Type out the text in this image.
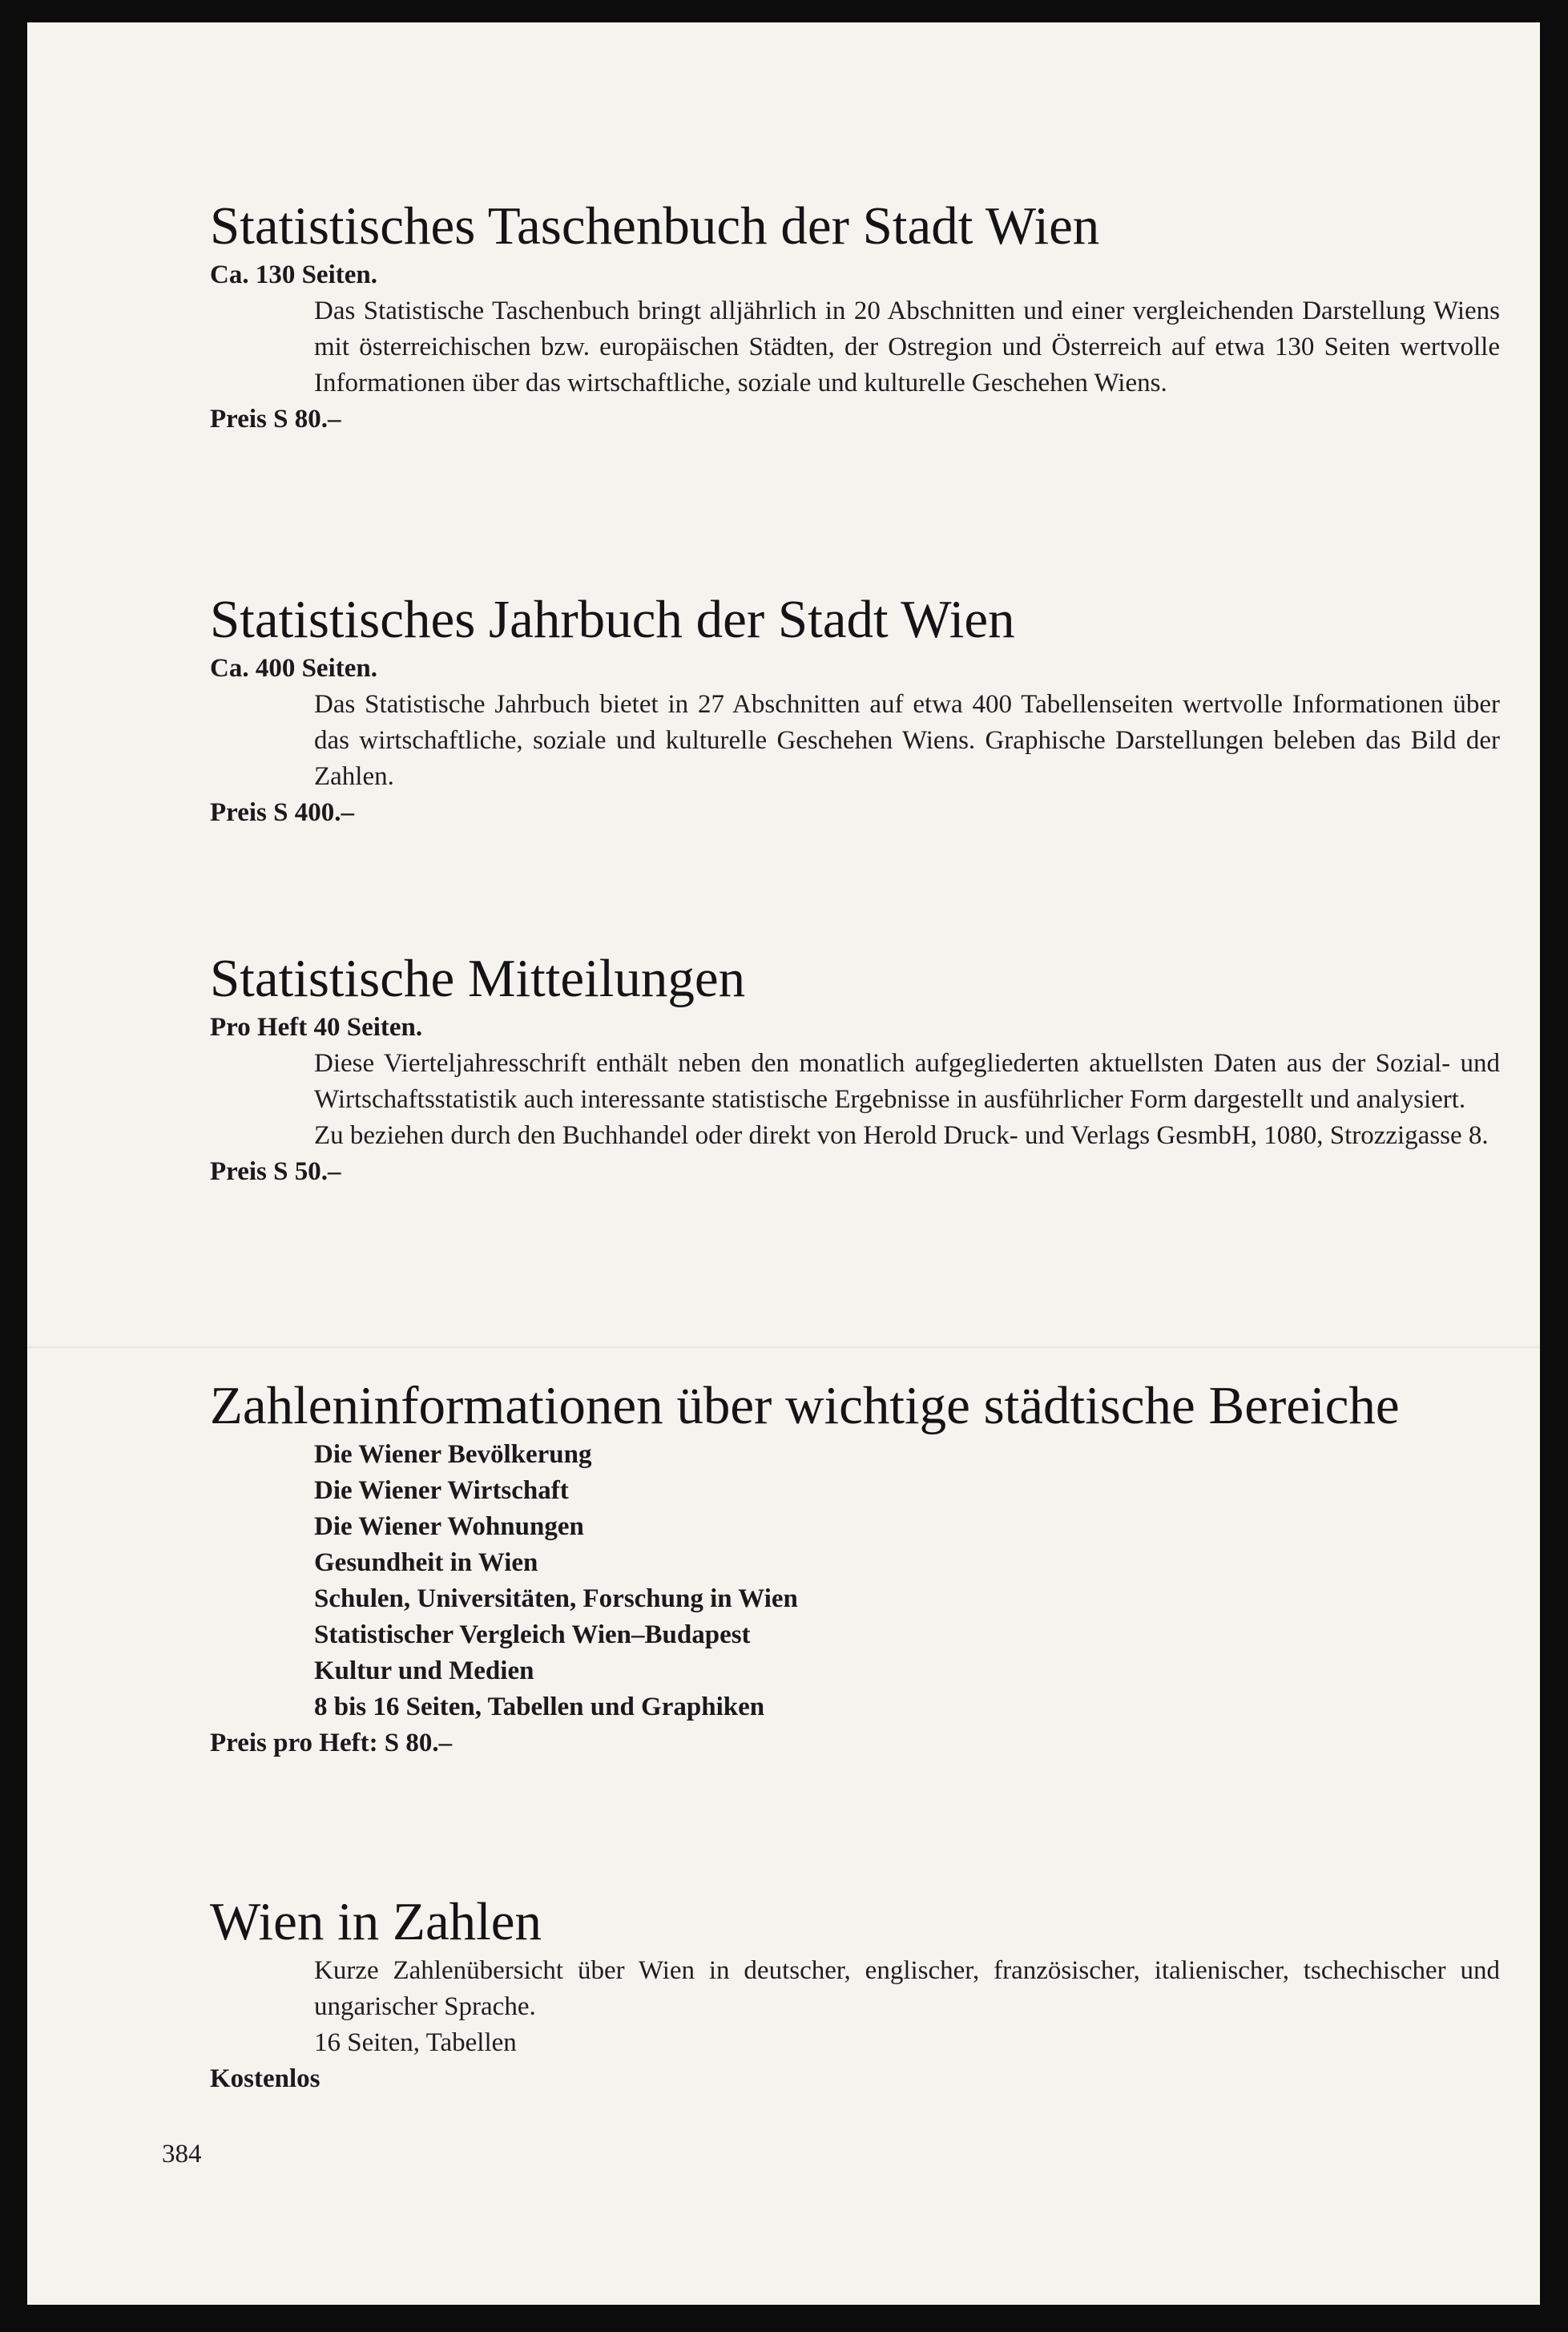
Statistisches Taschenbuch der Stadt Wien

Ca. 130 Seiten.

Das Statistische Taschenbuch bringt alljährlich in 20 Abschnitten und einer vergleichenden Darstellung Wiens mit österreichischen bzw. europäischen Städten, der Ostregion und Österreich auf etwa 130 Seiten wertvolle Informationen über das wirtschaftliche, soziale und kulturelle Geschehen Wiens.

Preis S 80.–

Statistisches Jahrbuch der Stadt Wien

Ca. 400 Seiten.

Das Statistische Jahrbuch bietet in 27 Abschnitten auf etwa 400 Tabellenseiten wertvolle Informationen über das wirtschaftliche, soziale und kulturelle Geschehen Wiens. Graphische Darstellungen beleben das Bild der Zahlen.

Preis S 400.–

Statistische Mitteilungen

Pro Heft 40 Seiten.

Diese Vierteljahresschrift enthält neben den monatlich aufgegliederten aktuellsten Daten aus der Sozial- und Wirtschaftsstatistik auch interessante statistische Ergebnisse in ausführlicher Form dargestellt und analysiert.

Zu beziehen durch den Buchhandel oder direkt von Herold Druck- und Verlags GesmbH, 1080, Strozzigasse 8.

Preis S 50.–

Zahleninformationen über wichtige städtische Bereiche
Die Wiener Bevölkerung
Die Wiener Wirtschaft
Die Wiener Wohnungen
Gesundheit in Wien
Schulen, Universitäten, Forschung in Wien
Statistischer Vergleich Wien–Budapest
Kultur und Medien
8 bis 16 Seiten, Tabellen und Graphiken

Preis pro Heft: S 80.–

Wien in Zahlen

Kurze Zahlenübersicht über Wien in deutscher, englischer, französischer, italienischer, tschechischer und ungarischer Sprache.

16 Seiten, Tabellen

Kostenlos

384
